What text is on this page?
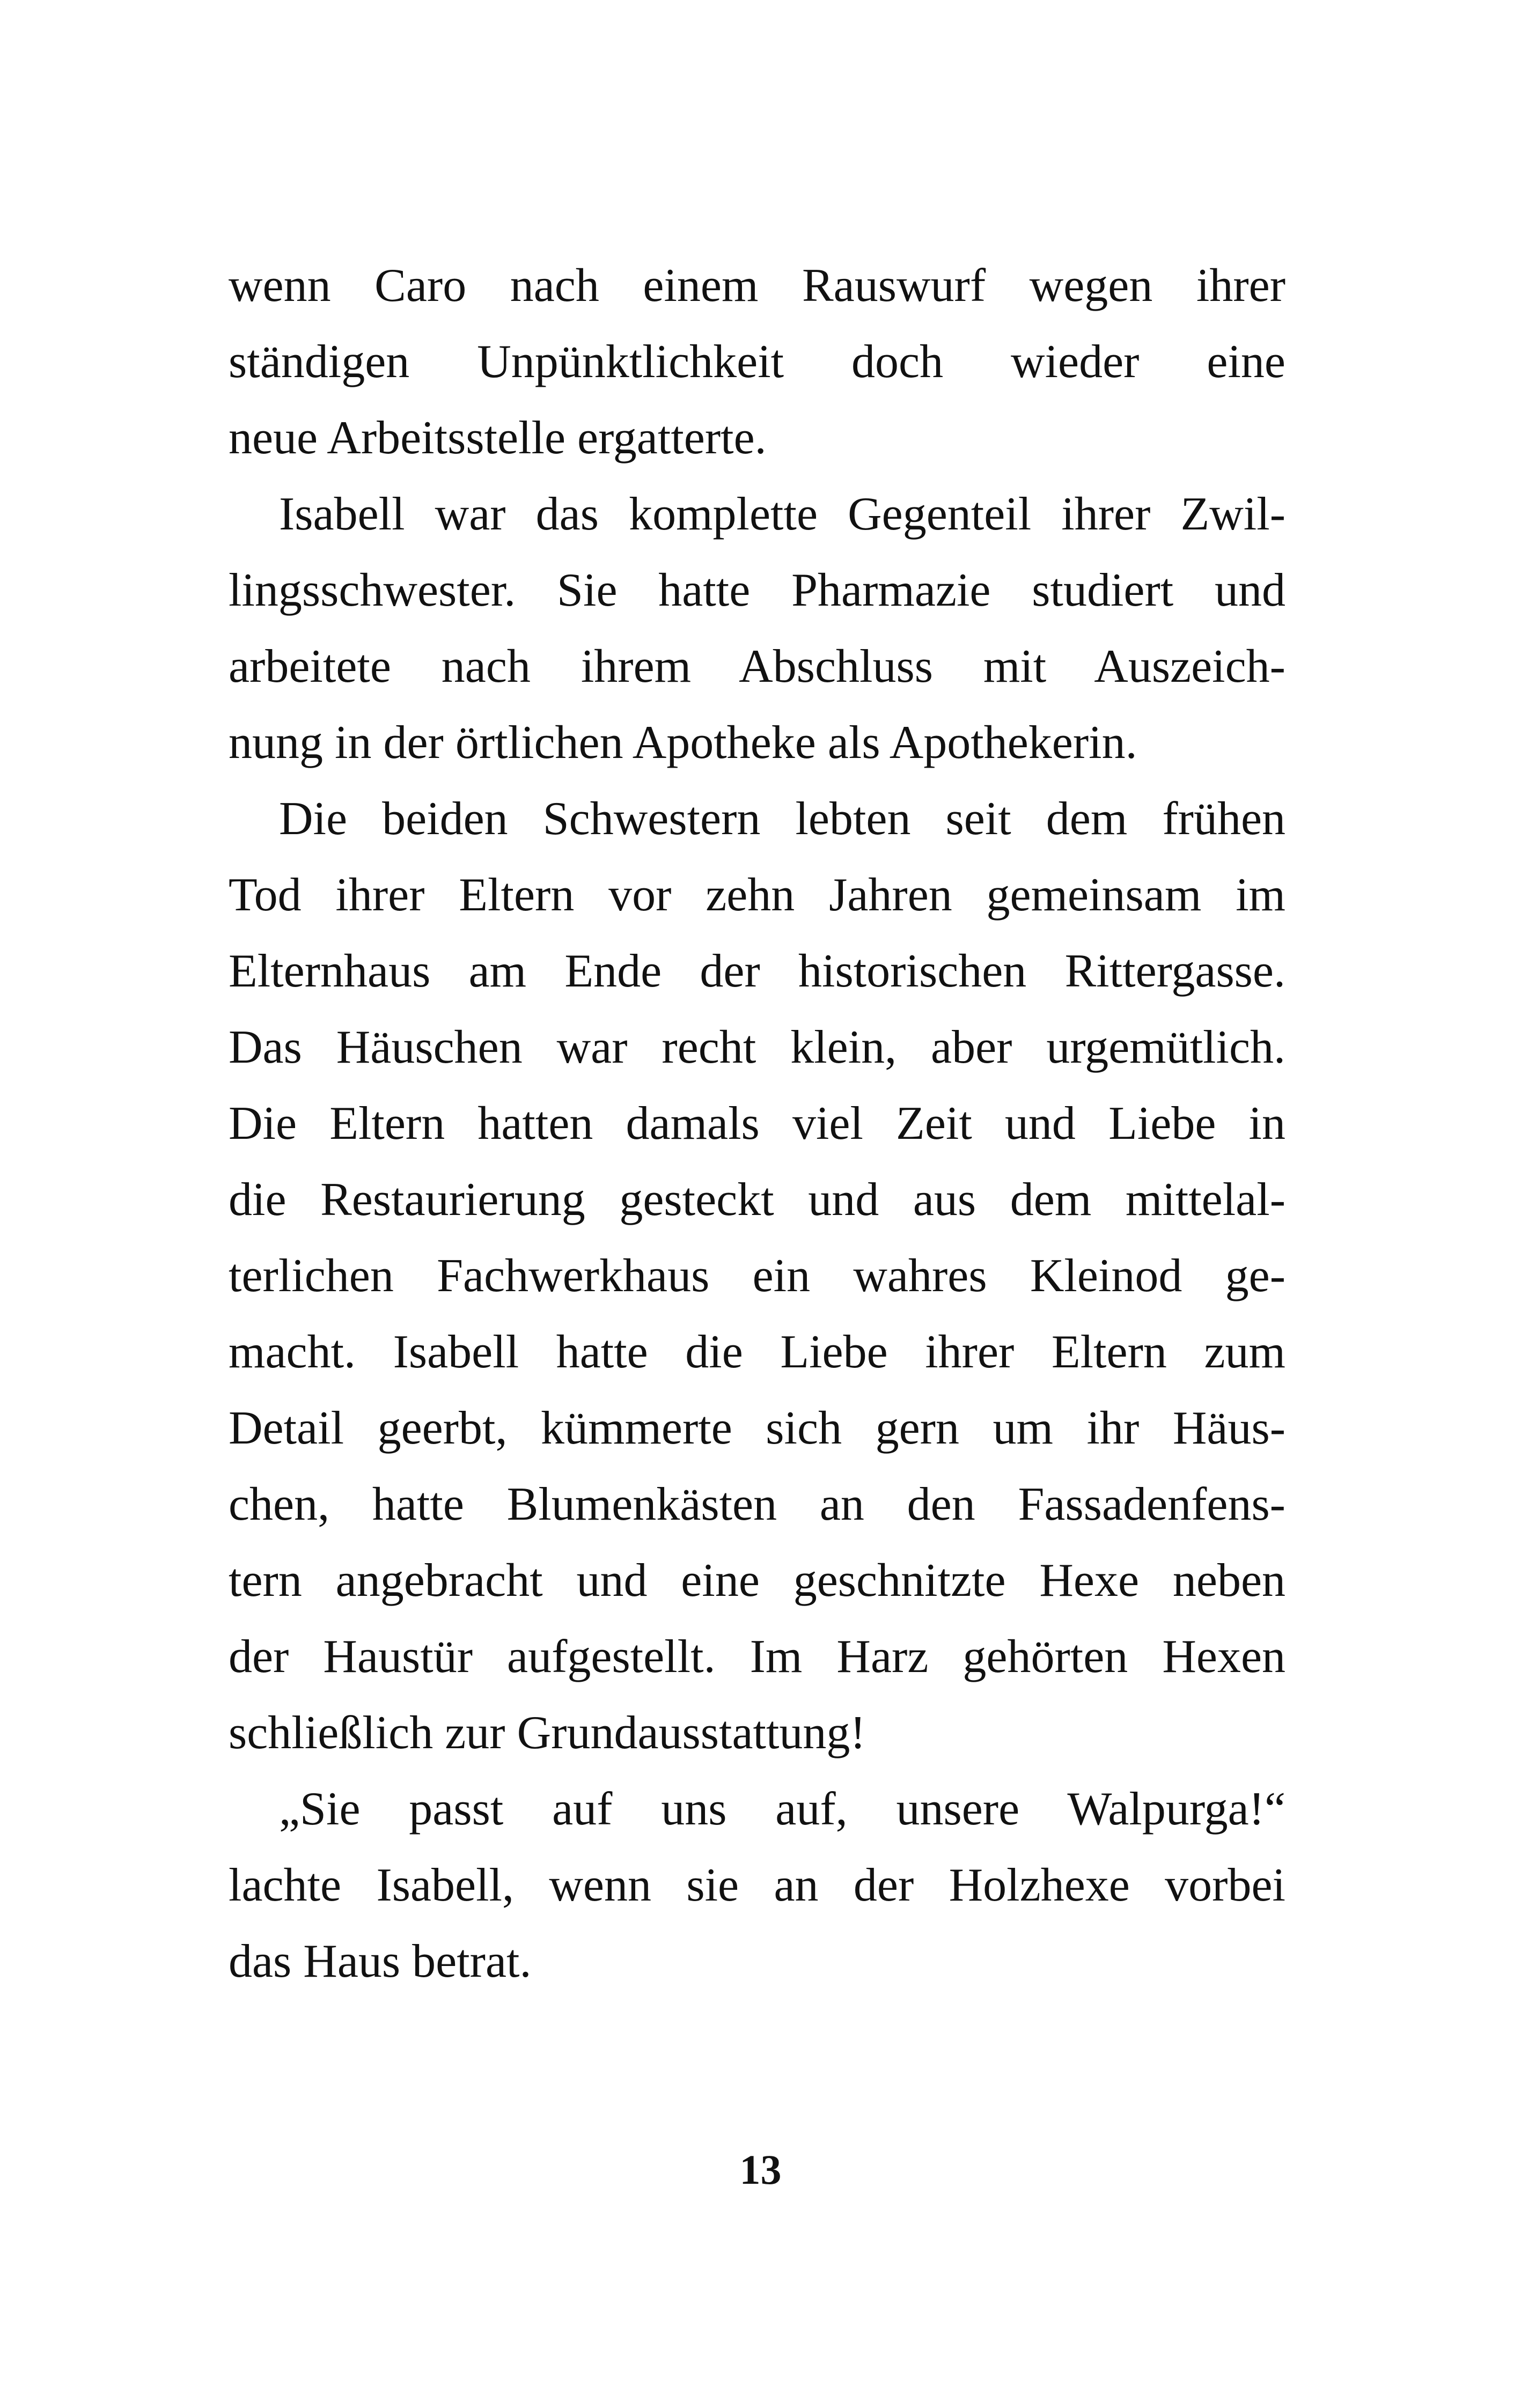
wenn Caro nach einem Rauswurf wegen ihrer
ständigen Unpünktlichkeit doch wieder eine
neue Arbeitsstelle ergatterte.
Isabell war das komplette Gegenteil ihrer Zwil-
lingsschwester. Sie hatte Pharmazie studiert und
arbeitete nach ihrem Abschluss mit Auszeich-
nung in der örtlichen Apotheke als Apothekerin.
Die beiden Schwestern lebten seit dem frühen
Tod ihrer Eltern vor zehn Jahren gemeinsam im
Elternhaus am Ende der historischen Rittergasse.
Das Häuschen war recht klein, aber urgemütlich.
Die Eltern hatten damals viel Zeit und Liebe in
die Restaurierung gesteckt und aus dem mittelal-
terlichen Fachwerkhaus ein wahres Kleinod ge-
macht. Isabell hatte die Liebe ihrer Eltern zum
Detail geerbt, kümmerte sich gern um ihr Häus-
chen, hatte Blumenkästen an den Fassadenfens-
tern angebracht und eine geschnitzte Hexe neben
der Haustür aufgestellt. Im Harz gehörten Hexen
schließlich zur Grundausstattung!
„Sie passt auf uns auf, unsere Walpurga!“
lachte Isabell, wenn sie an der Holzhexe vorbei
das Haus betrat.
13
